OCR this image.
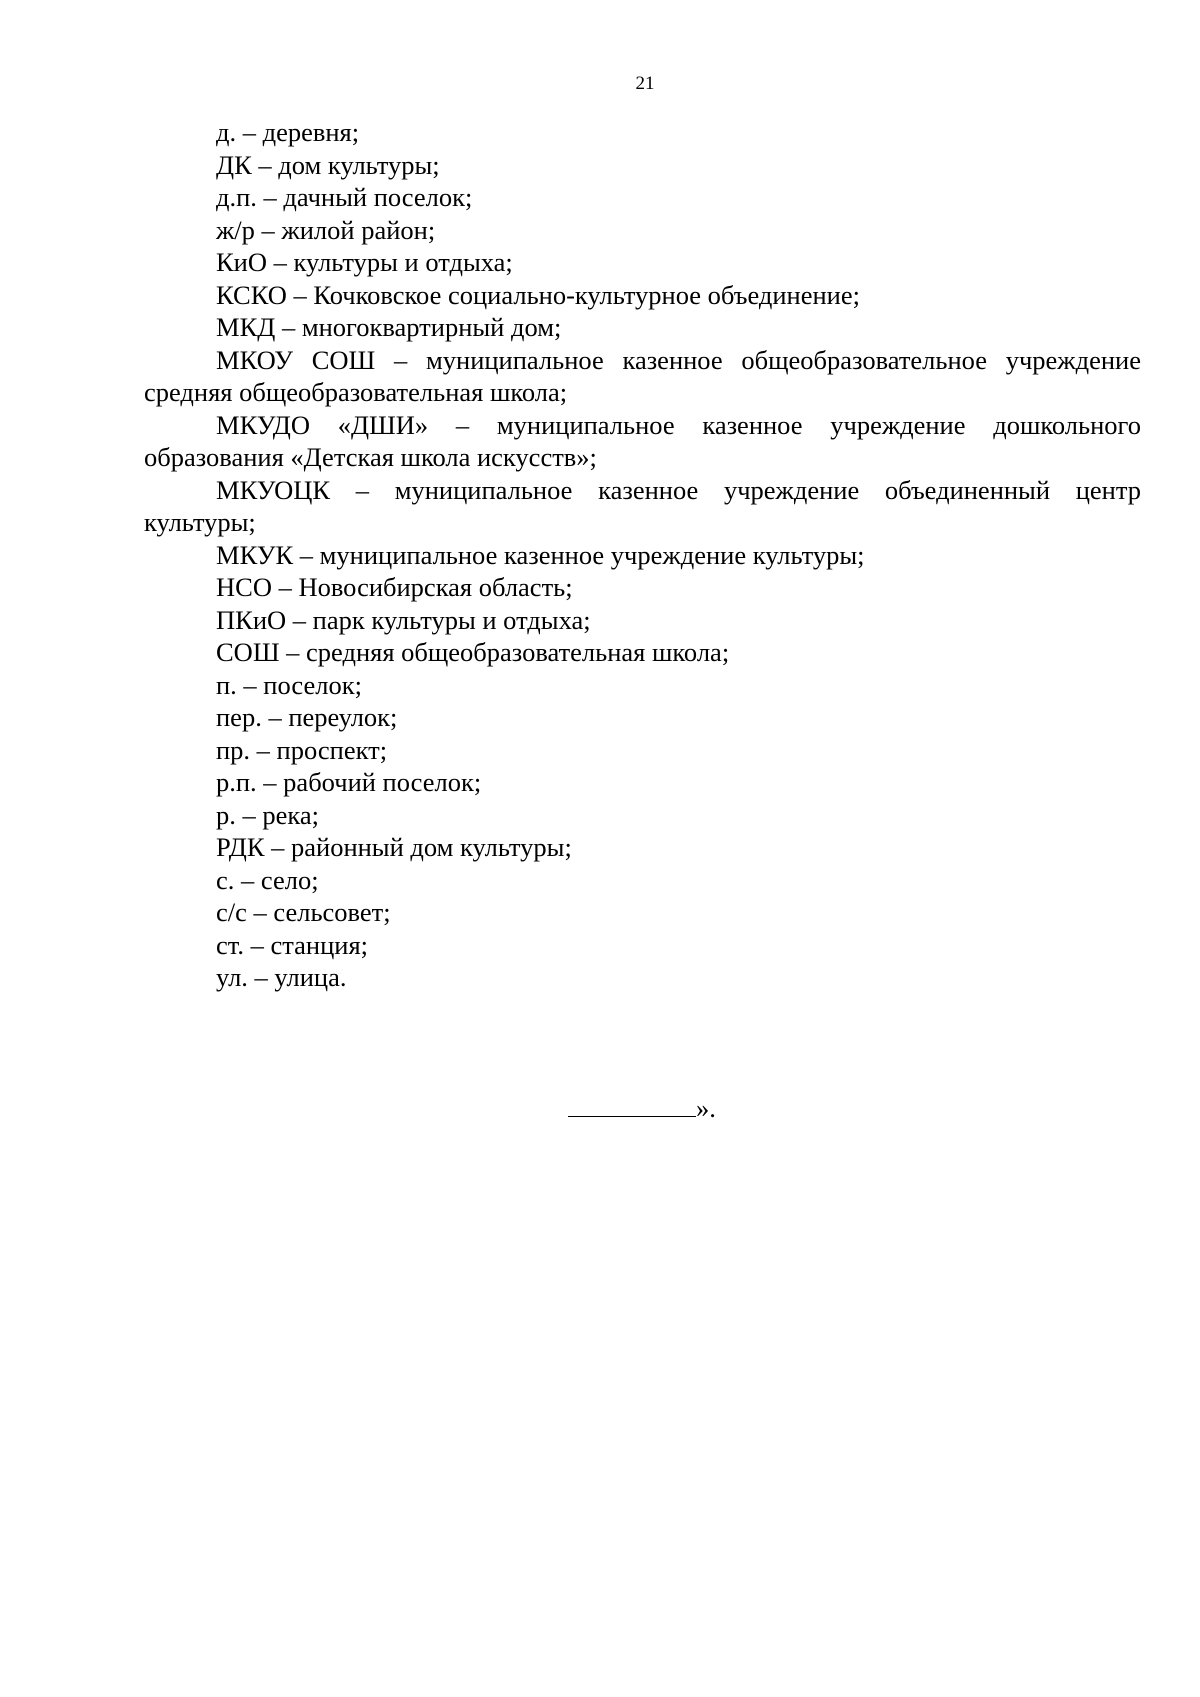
21

д. – деревня;

ДК – дом культуры;

д.п. – дачный поселок;

ж/р – жилой район;

КиО – культуры и отдыха;

КСКО – Кочковское социально-культурное объединение;

МКД – многоквартирный дом;

МКОУ СОШ – муниципальное казенное общеобразовательное учреждение средняя общеобразовательная школа;

МКУДО «ДШИ» – муниципальное казенное учреждение дошкольного образования «Детская школа искусств»;

МКУОЦК – муниципальное казенное учреждение объединенный центр культуры;

МКУК – муниципальное казенное учреждение культуры;

НСО – Новосибирская область;

ПКиО – парк культуры и отдыха;

СОШ – средняя общеобразовательная школа;

п. – поселок;

пер. – переулок;

пр. – проспект;

р.п. – рабочий поселок;

р. – река;

РДК – районный дом культуры;

с. – село;

с/с – сельсовет;

ст. – станция;

ул. – улица.

».
